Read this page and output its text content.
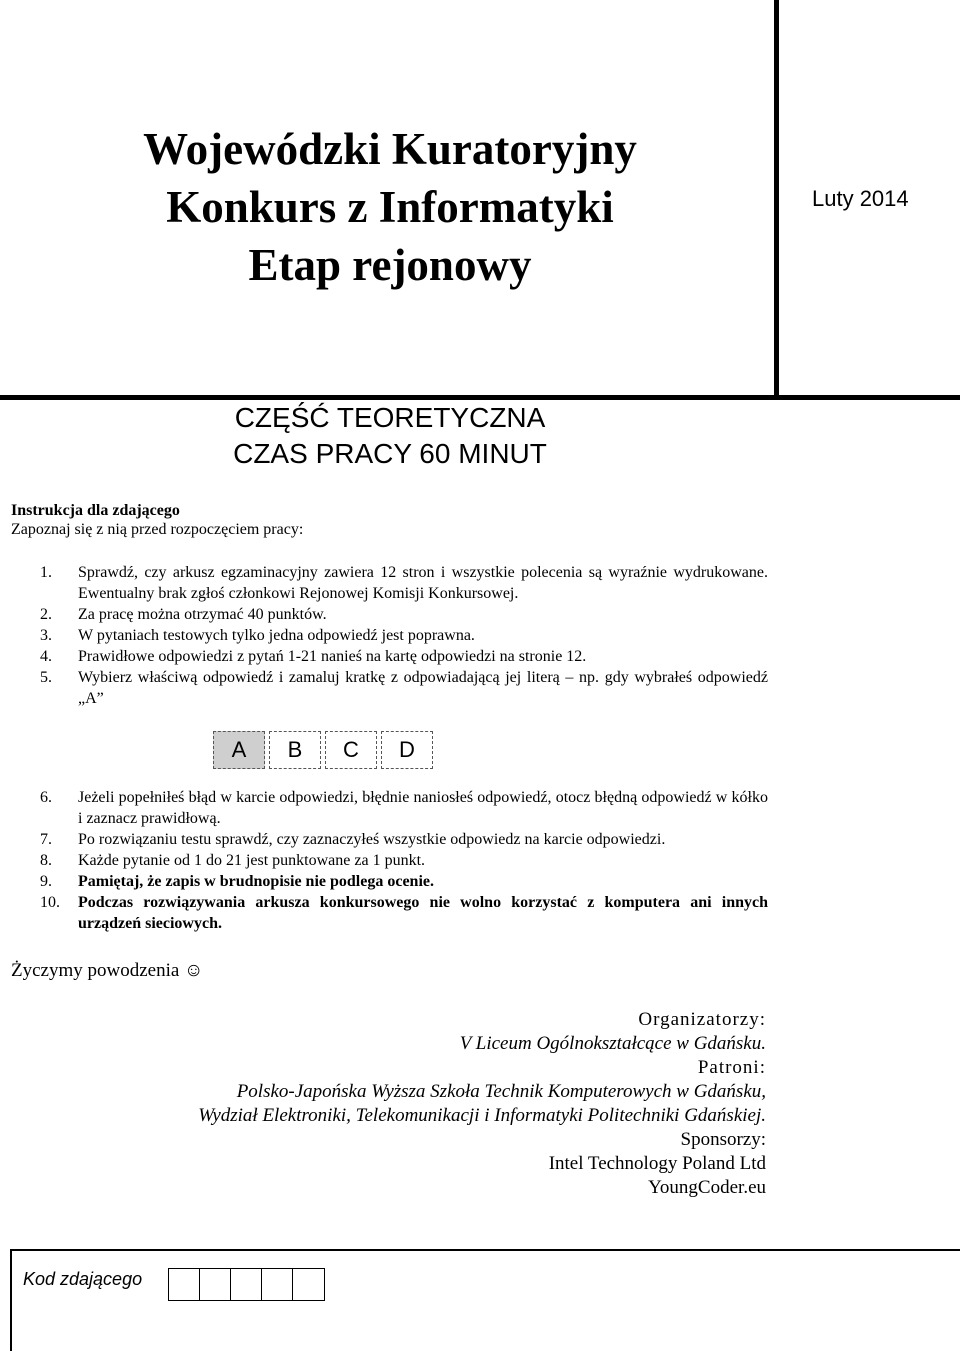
Wojewódzki Kuratoryjny
Konkurs z Informatyki
Etap rejonowy
Luty 2014
CZĘŚĆ TEORETYCZNA
CZAS PRACY 60 MINUT
Instrukcja dla zdającego
Zapoznaj się z nią przed rozpoczęciem pracy:
1.	Sprawdź, czy arkusz egzaminacyjny zawiera 12 stron i wszystkie polecenia są wyraźnie wydrukowane. Ewentualny brak zgłoś członkowi Rejonowej Komisji Konkursowej.
2.	Za pracę można otrzymać 40 punktów.
3.	W pytaniach testowych tylko jedna odpowiedź jest poprawna.
4.	Prawidłowe odpowiedzi z pytań 1-21 nanieś na kartę odpowiedzi na stronie 12.
5.	Wybierz właściwą odpowiedź i zamaluj kratkę z odpowiadającą jej literą – np. gdy wybrałeś odpowiedź „A”
A	B	C	D
6.	Jeżeli popełniłeś błąd w karcie odpowiedzi, błędnie naniosłeś odpowiedź, otocz błędną odpowiedź w kółko i zaznacz prawidłową.
7.	Po rozwiązaniu testu sprawdź, czy zaznaczyłeś wszystkie odpowiedz na karcie odpowiedzi.
8.	Każde pytanie od 1 do 21 jest punktowane za 1 punkt.
9.	Pamiętaj, że zapis w brudnopisie nie podlega ocenie.
10.	Podczas rozwiązywania arkusza konkursowego nie wolno korzystać z komputera ani innych urządzeń sieciowych.
Życzymy powodzenia ☺
Organizatorzy:
V Liceum Ogólnokształcące w Gdańsku.
Patroni:
Polsko-Japońska Wyższa Szkoła Technik Komputerowych w Gdańsku,
Wydział Elektroniki, Telekomunikacji i Informatyki Politechniki Gdańskiej.
Sponsorzy:
Intel Technology Poland Ltd
YoungCoder.eu
Kod zdającego
